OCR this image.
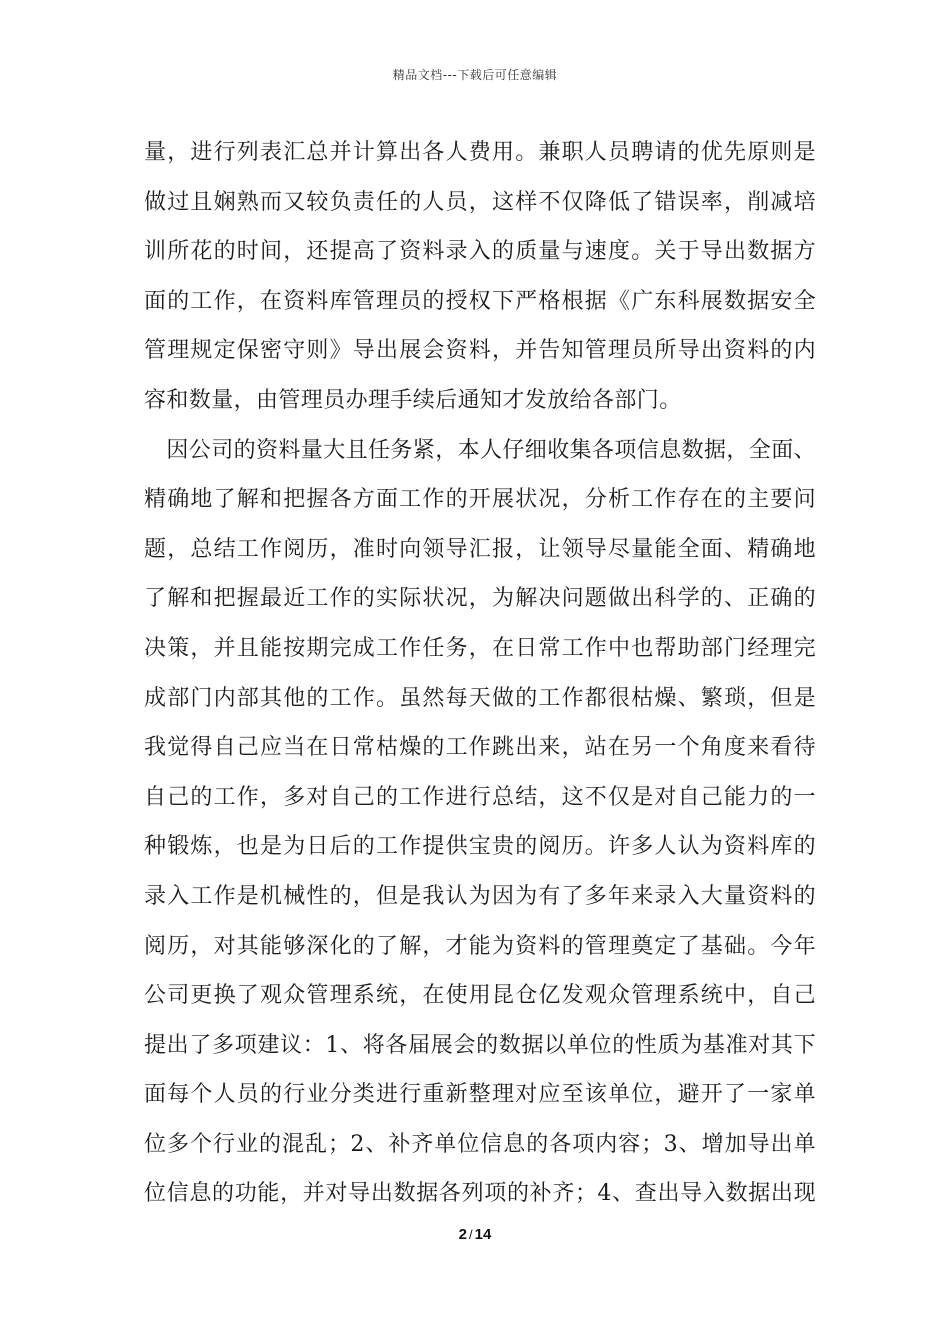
精品文档---下载后可任意编辑
量，进行列表汇总并计算出各人费用。兼职人员聘请的优先原则是
做过且娴熟而又较负责任的人员，这样不仅降低了错误率，削减培
训所花的时间，还提高了资料录入的质量与速度。关于导出数据方
面的工作，在资料库管理员的授权下严格根据《广东科展数据安全
管理规定保密守则》导出展会资料，并告知管理员所导出资料的内
容和数量，由管理员办理手续后通知才发放给各部门。
　因公司的资料量大且任务紧，本人仔细收集各项信息数据，全面、
精确地了解和把握各方面工作的开展状况，分析工作存在的主要问
题，总结工作阅历，准时向领导汇报，让领导尽量能全面、精确地
了解和把握最近工作的实际状况，为解决问题做出科学的、正确的
决策，并且能按期完成工作任务，在日常工作中也帮助部门经理完
成部门内部其他的工作。虽然每天做的工作都很枯燥、繁琐，但是
我觉得自己应当在日常枯燥的工作跳出来，站在另一个角度来看待
自己的工作，多对自己的工作进行总结，这不仅是对自己能力的一
种锻炼，也是为日后的工作提供宝贵的阅历。许多人认为资料库的
录入工作是机械性的，但是我认为因为有了多年来录入大量资料的
阅历，对其能够深化的了解，才能为资料的管理奠定了基础。今年
公司更换了观众管理系统，在使用昆仓亿发观众管理系统中，自己
提出了多项建议：1、将各届展会的数据以单位的性质为基准对其下
面每个人员的行业分类进行重新整理对应至该单位，避开了一家单
位多个行业的混乱；2、补齐单位信息的各项内容；3、增加导出单
位信息的功能，并对导出数据各列项的补齐；4、查出导入数据出现
2 / 14
